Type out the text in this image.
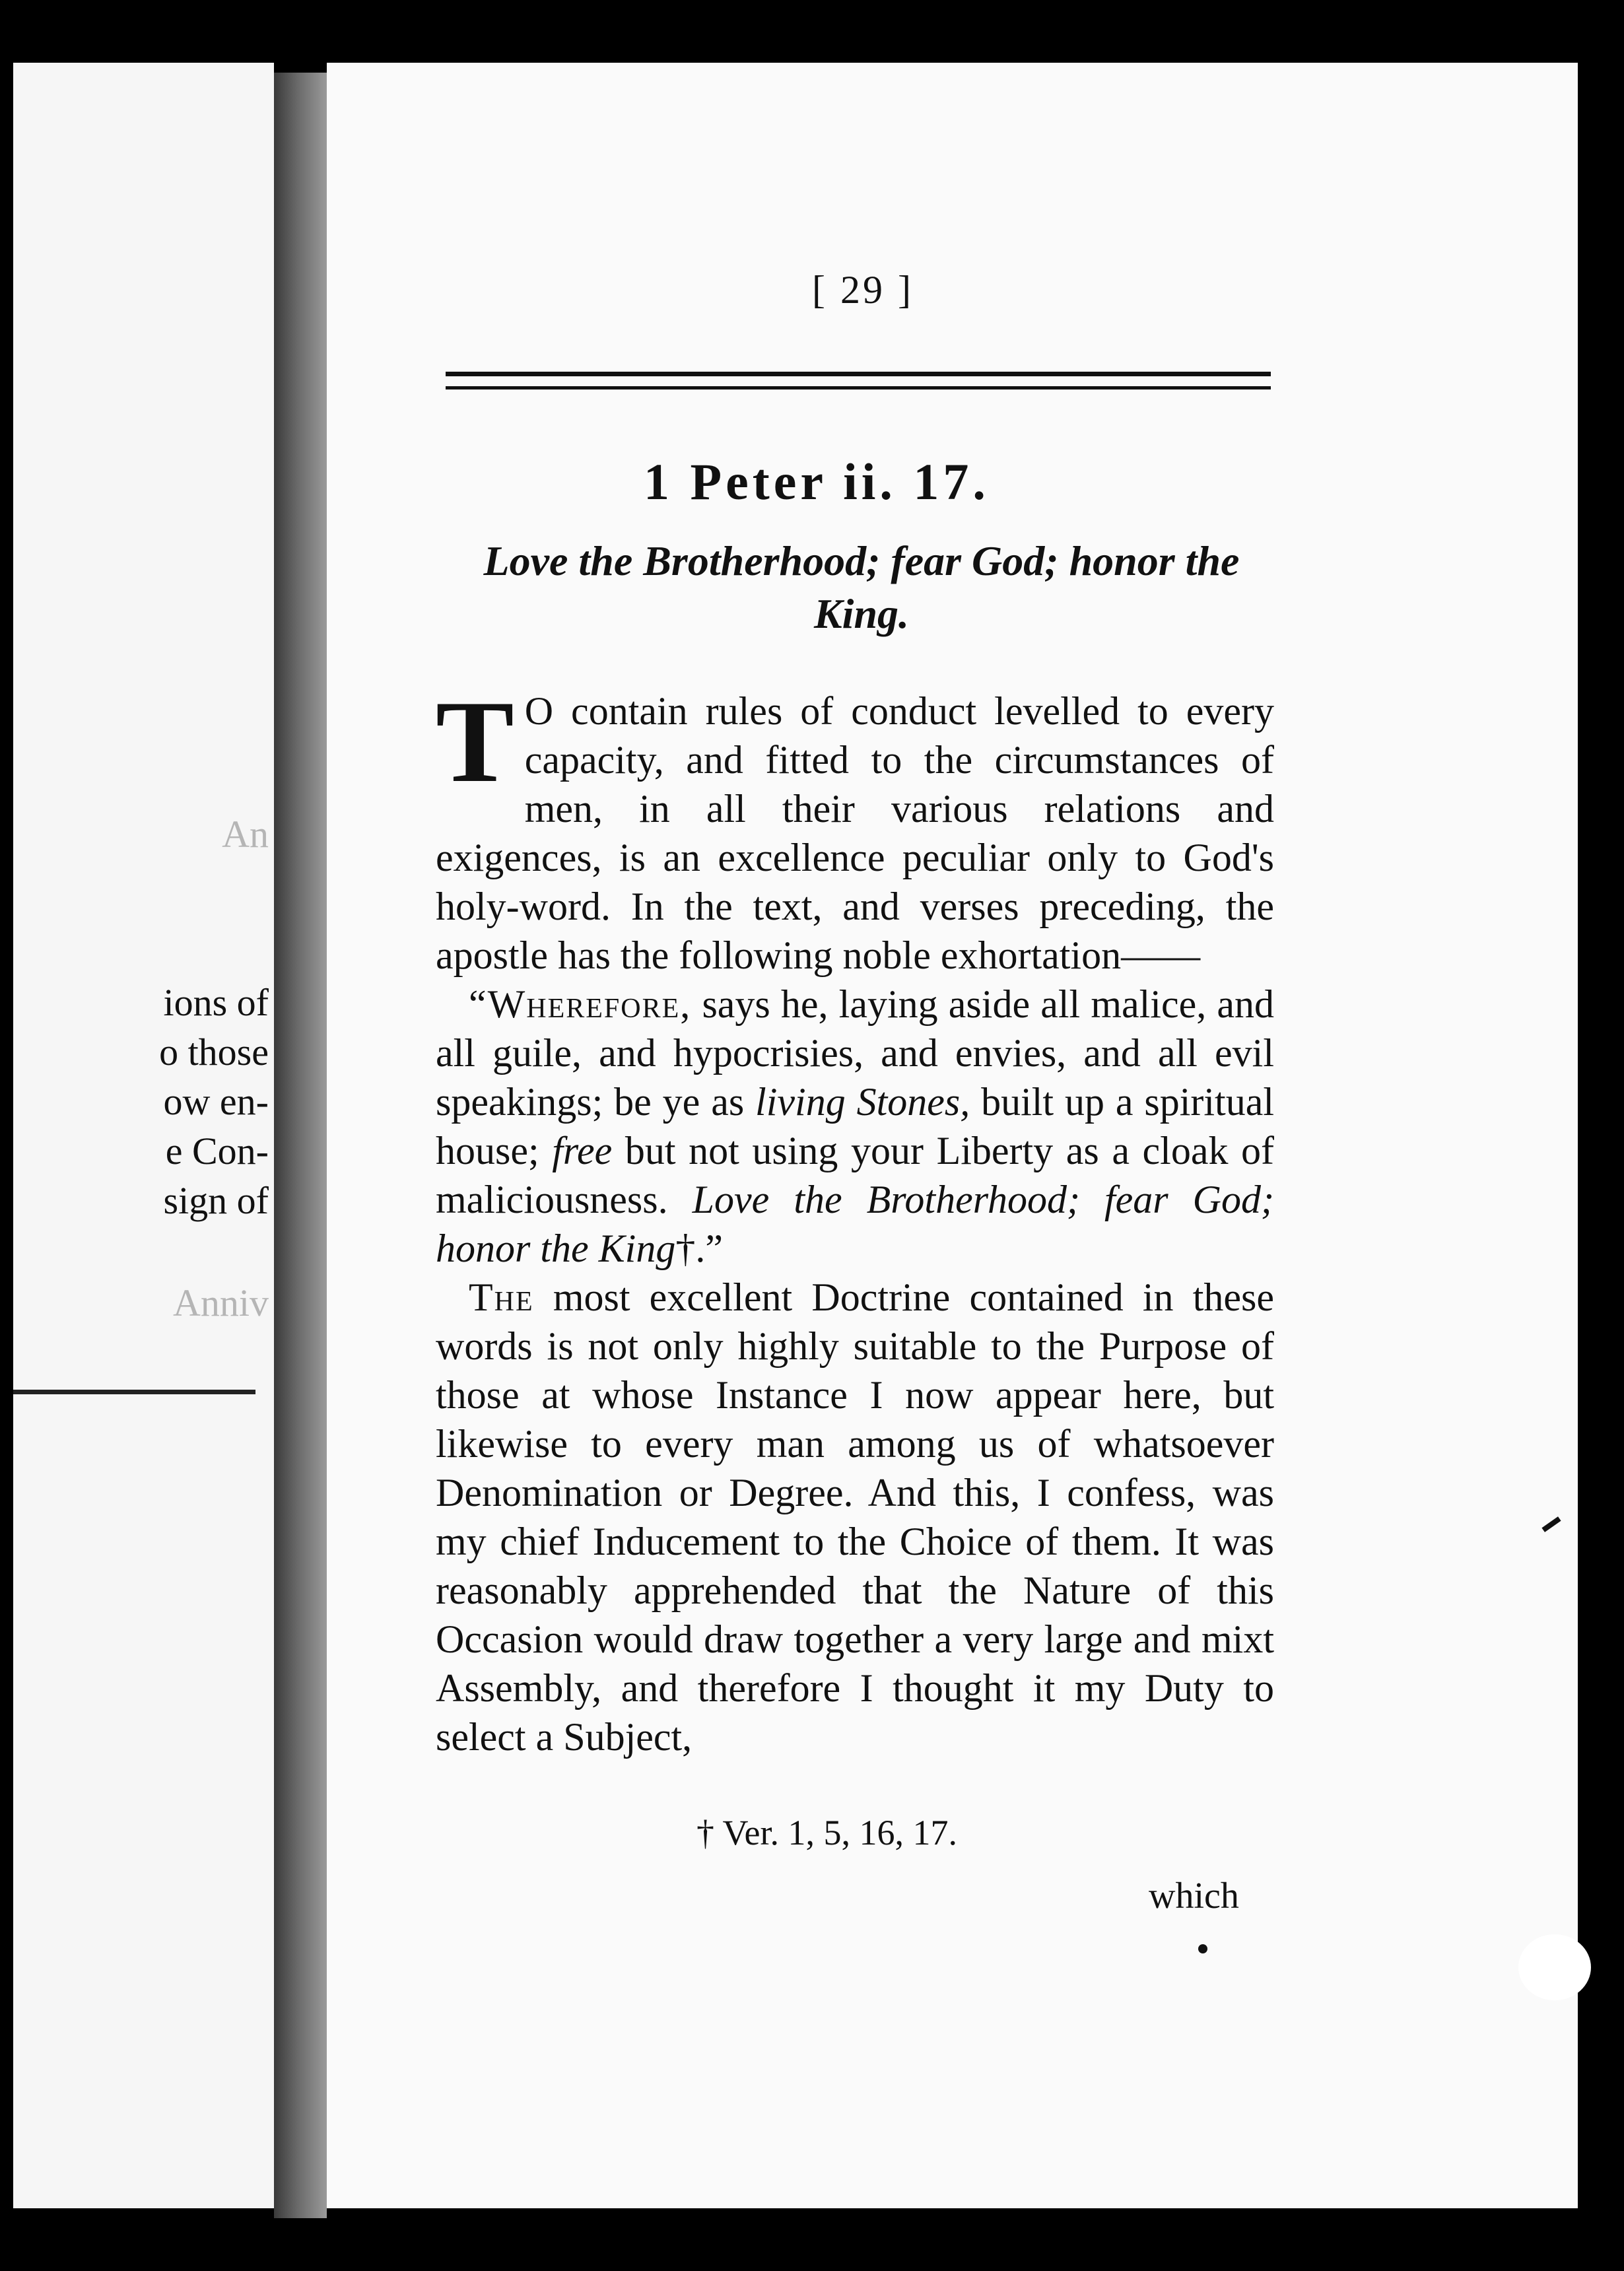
An
ions of
o those
ow en-
e Con-
sign of
Anniv
[ 29 ]
1 Peter ii. 17.
Love the Brotherhood; fear God; honor the King.

T O contain rules of conduct levelled to every capacity, and fitted to the circumstances of men, in all their various relations and exigences, is an excellence peculiar only to God's holy-word. In the text, and verses preceding, the apostle has the following noble exhortation——

“Wherefore, says he, laying aside all malice, and all guile, and hypocrisies, and envies, and all evil speakings; be ye as living Stones, built up a spiritual house; free but not using your Liberty as a cloak of maliciousness. Love the Brotherhood; fear God; honor the King†.”

The most excellent Doctrine contained in these words is not only highly suitable to the Purpose of those at whose Instance I now appear here, but likewise to every man among us of whatsoever Denomination or Degree. And this, I confess, was my chief Inducement to the Choice of them. It was reasonably apprehended that the Nature of this Occasion would draw together a very large and mixt Assembly, and therefore I thought it my Duty to select a Subject,

† Ver. 1, 5, 16, 17.
which
